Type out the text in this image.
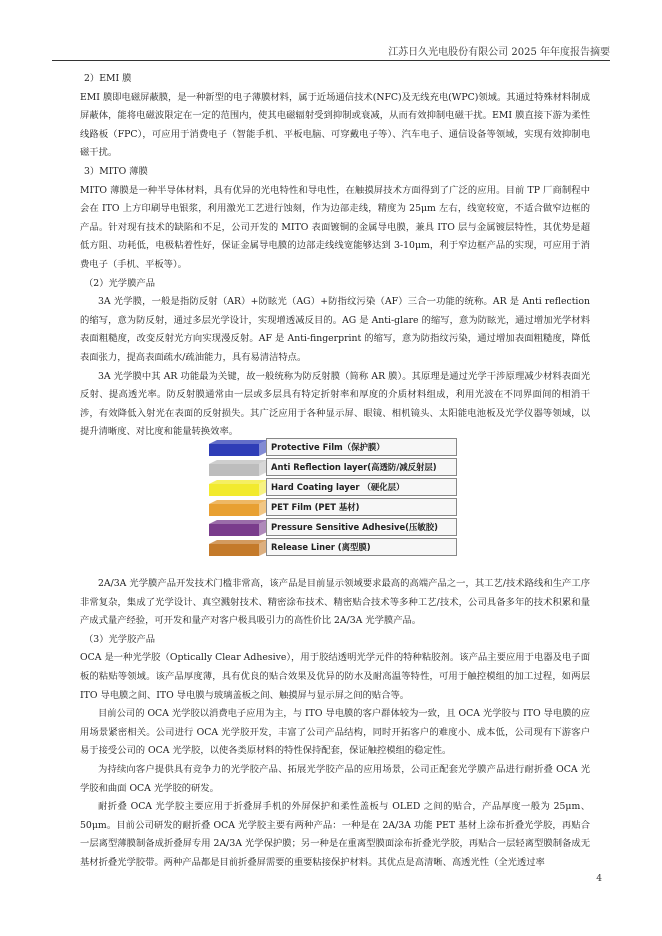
江苏日久光电股份有限公司 2025 年年度报告摘要

2）EMI 膜

EMI 膜即电磁屏蔽膜，是一种新型的电子薄膜材料，属于近场通信技术(NFC)及无线充电(WPC)领域。其通过特殊材料制成屏蔽体，能将电磁波限定在一定的范围内，使其电磁辐射受到抑制或衰减，从而有效抑制电磁干扰。EMI 膜直接下游为柔性线路板（FPC），可应用于消费电子（智能手机、平板电脑、可穿戴电子等）、汽车电子、通信设备等领域，实现有效抑制电磁干扰。

3）MITO 薄膜

MITO 薄膜是一种半导体材料，具有优异的光电特性和导电性，在触摸屏技术方面得到了广泛的应用。目前 TP 厂商制程中会在 ITO 上方印刷导电银浆，利用激光工艺进行蚀刻，作为边部走线，精度为 25μm 左右，线宽较宽，不适合做窄边框的产品。针对现有技术的缺陷和不足，公司开发的 MITO 表面镀铜的金属导电膜，兼具 ITO 层与金属镀层特性，其优势是超低方阻、功耗低，电极粘着性好，保证金属导电膜的边部走线线宽能够达到 3-10μm，利于窄边框产品的实现，可应用于消费电子（手机、平板等）。

（2）光学膜产品

3A 光学膜，一般是指防反射（AR）+防眩光（AG）+防指纹污染（AF）三合一功能的统称。AR 是 Anti reflection 的缩写，意为防反射，通过多层光学设计，实现增透减反目的。AG 是 Anti-glare 的缩写，意为防眩光，通过增加光学材料表面粗糙度，改变反射光方向实现漫反射。AF 是 Anti-fingerprint 的缩写，意为防指纹污染，通过增加表面粗糙度，降低表面张力，提高表面疏水/疏油能力，具有易清洁特点。

3A 光学膜中其 AR 功能最为关键，故一般统称为防反射膜（简称 AR 膜）。其原理是通过光学干涉原理减少材料表面光反射、提高透光率。防反射膜通常由一层或多层具有特定折射率和厚度的介质材料组成，利用光波在不同界面间的相消干涉，有效降低入射光在表面的反射损失。其广泛应用于各种显示屏、眼镜、相机镜头、太阳能电池板及光学仪器等领域，以提升清晰度、对比度和能量转换效率。

Protective Film（保护膜）
Anti Reflection layer(高透防/减反射层)
Hard Coating layer （硬化层）
PET Film (PET 基材)
Pressure Sensitive Adhesive(压敏胶)
Release Liner (离型膜)

2A/3A 光学膜产品开发技术门槛非常高，该产品是目前显示领域要求最高的高端产品之一，其工艺/技术路线和生产工序非常复杂，集成了光学设计、真空溅射技术、精密涂布技术、精密贴合技术等多种工艺/技术，公司具备多年的技术积累和量产成式量产经验，可开发和量产对客户极具吸引力的高性价比 2A/3A 光学膜产品。

（3）光学胶产品

OCA 是一种光学胶（Optically Clear Adhesive），用于胶结透明光学元件的特种粘胶剂。该产品主要应用于电器及电子面板的粘贴等领域。该产品厚度薄，具有优良的贴合效果及优异的防水及耐高温等特性，可用于触控模组的加工过程，如两层 ITO 导电膜之间、ITO 导电膜与玻璃盖板之间、触摸屏与显示屏之间的贴合等。

目前公司的 OCA 光学胶以消费电子应用为主，与 ITO 导电膜的客户群体较为一致，且 OCA 光学胶与 ITO 导电膜的应用场景紧密相关。公司进行 OCA 光学胶开发，丰富了公司产品结构，同时开拓客户的难度小、成本低，公司现有下游客户易于接受公司的 OCA 光学胶，以使各类原材料的特性保持配套，保证触控模组的稳定性。

为持续向客户提供具有竞争力的光学胶产品、拓展光学胶产品的应用场景，公司正配套光学膜产品进行耐折叠 OCA 光学胶和曲面 OCA 光学胶的研发。

耐折叠 OCA 光学胶主要应用于折叠屏手机的外屏保护和柔性盖板与 OLED 之间的贴合，产品厚度一般为 25μm、50μm。目前公司研发的耐折叠 OCA 光学胶主要有两种产品：一种是在 2A/3A 功能 PET 基材上涂布折叠光学胶，再贴合一层离型薄膜制备成折叠屏专用 2A/3A 光学保护膜；另一种是在重离型膜面涂布折叠光学胶，再贴合一层轻离型膜制备成无基材折叠光学胶带。两种产品都是目前折叠屏需要的重要粘接保护材料。其优点是高清晰、高透光性（全光透过率

4
